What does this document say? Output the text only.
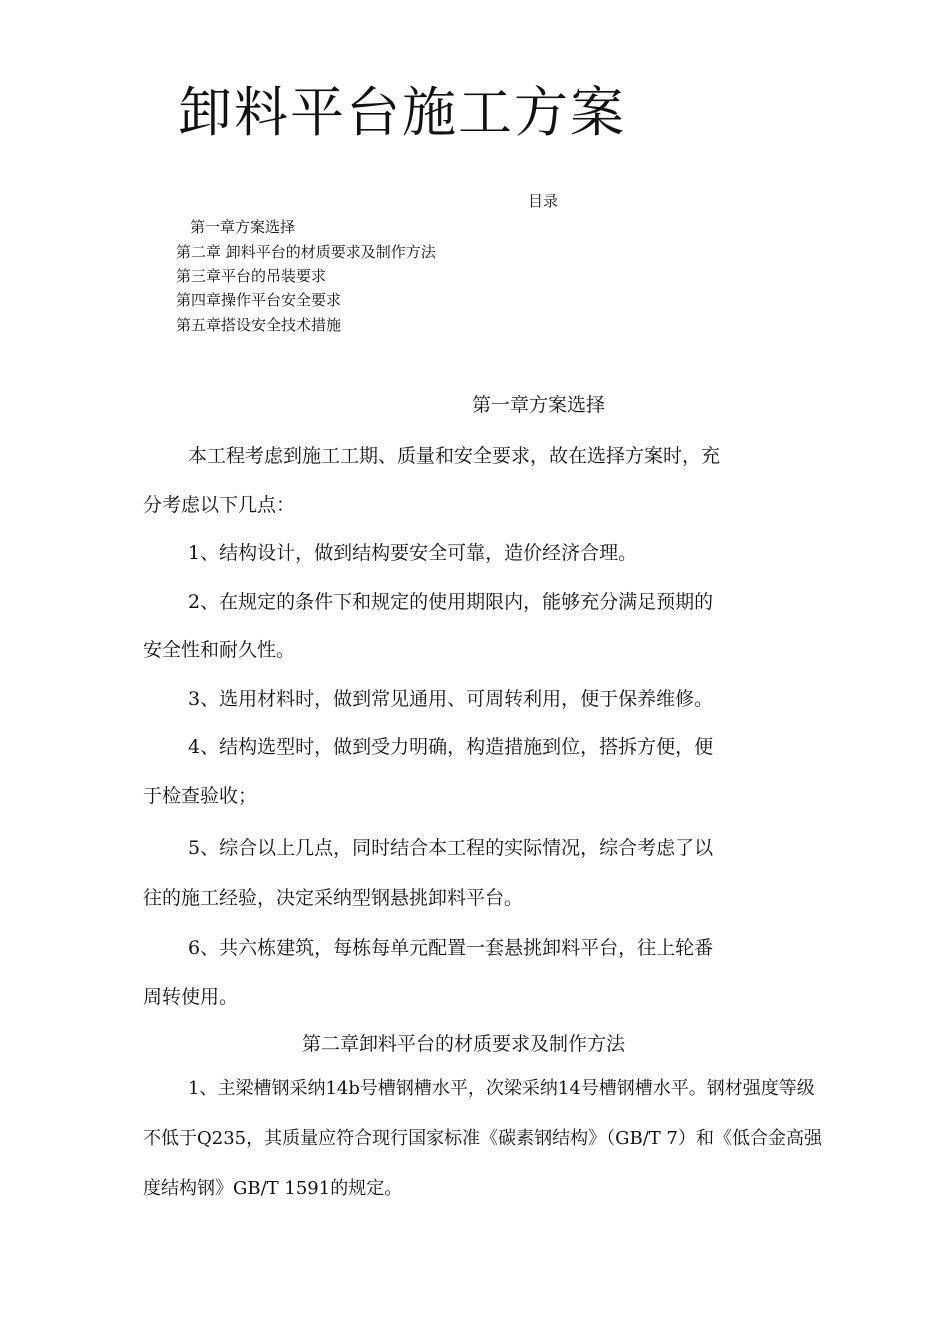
卸料平台施工方案
目录
第一章方案选择
第二章 卸料平台的材质要求及制作方法
第三章平台的吊装要求
第四章操作平台安全要求
第五章搭设安全技术措施
第一章方案选择
本工程考虑到施工工期、质量和安全要求，故在选择方案时，充
分考虑以下几点：
1、结构设计，做到结构要安全可靠，造价经济合理。
2、在规定的条件下和规定的使用期限内，能够充分满足预期的
安全性和耐久性。
3、选用材料时，做到常见通用、可周转利用，便于保养维修。
4、结构选型时，做到受力明确，构造措施到位，搭拆方便，便
于检查验收；
5、综合以上几点，同时结合本工程的实际情况，综合考虑了以
往的施工经验，决定采纳型钢悬挑卸料平台。
6、共六栋建筑，每栋每单元配置一套悬挑卸料平台，往上轮番
周转使用。
第二章卸料平台的材质要求及制作方法
1、主梁槽钢采纳14b号槽钢槽水平，次梁采纳14号槽钢槽水平。钢材强度等级
不低于Q235，其质量应符合现行国家标准《碳素钢结构》（GB/T 7）和《低合金高强
度结构钢》GB/T 1591的规定。
